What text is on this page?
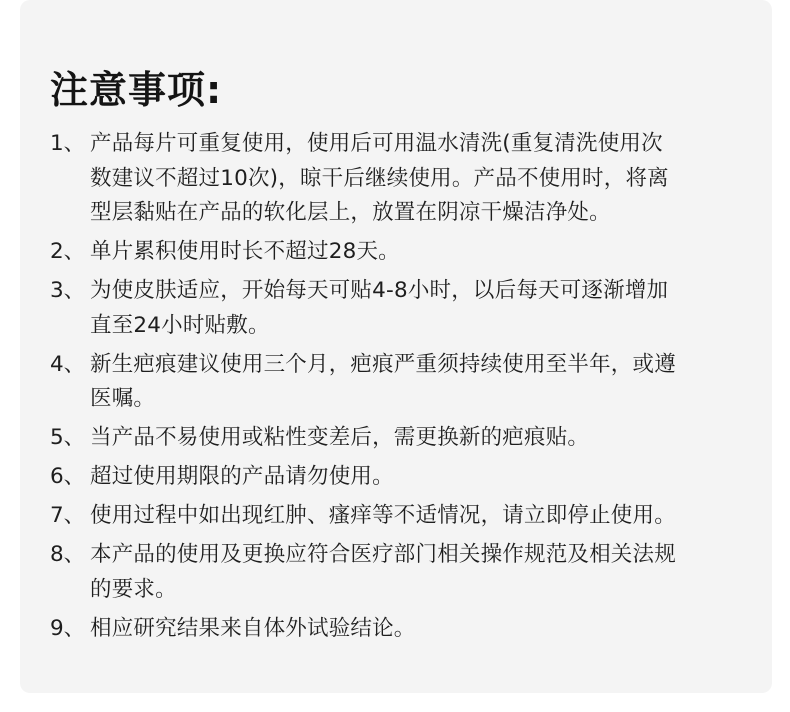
注意事项:
1、 产品每片可重复使用，使用后可用温水清洗(重复清洗使用次
数建议不超过10次)，晾干后继续使用。产品不使用时，将离
型层黏贴在产品的软化层上，放置在阴凉干燥洁净处。
2、 单片累积使用时长不超过28天。
3、 为使皮肤适应，开始每天可贴4-8小时，以后每天可逐渐增加
直至24小时贴敷。
4、 新生疤痕建议使用三个月，疤痕严重须持续使用至半年，或遵
医嘱。
5、 当产品不易使用或粘性变差后，需更换新的疤痕贴。
6、 超过使用期限的产品请勿使用。
7、 使用过程中如出现红肿、瘙痒等不适情况，请立即停止使用。
8、 本产品的使用及更换应符合医疗部门相关操作规范及相关法规
的要求。
9、 相应研究结果来自体外试验结论。
